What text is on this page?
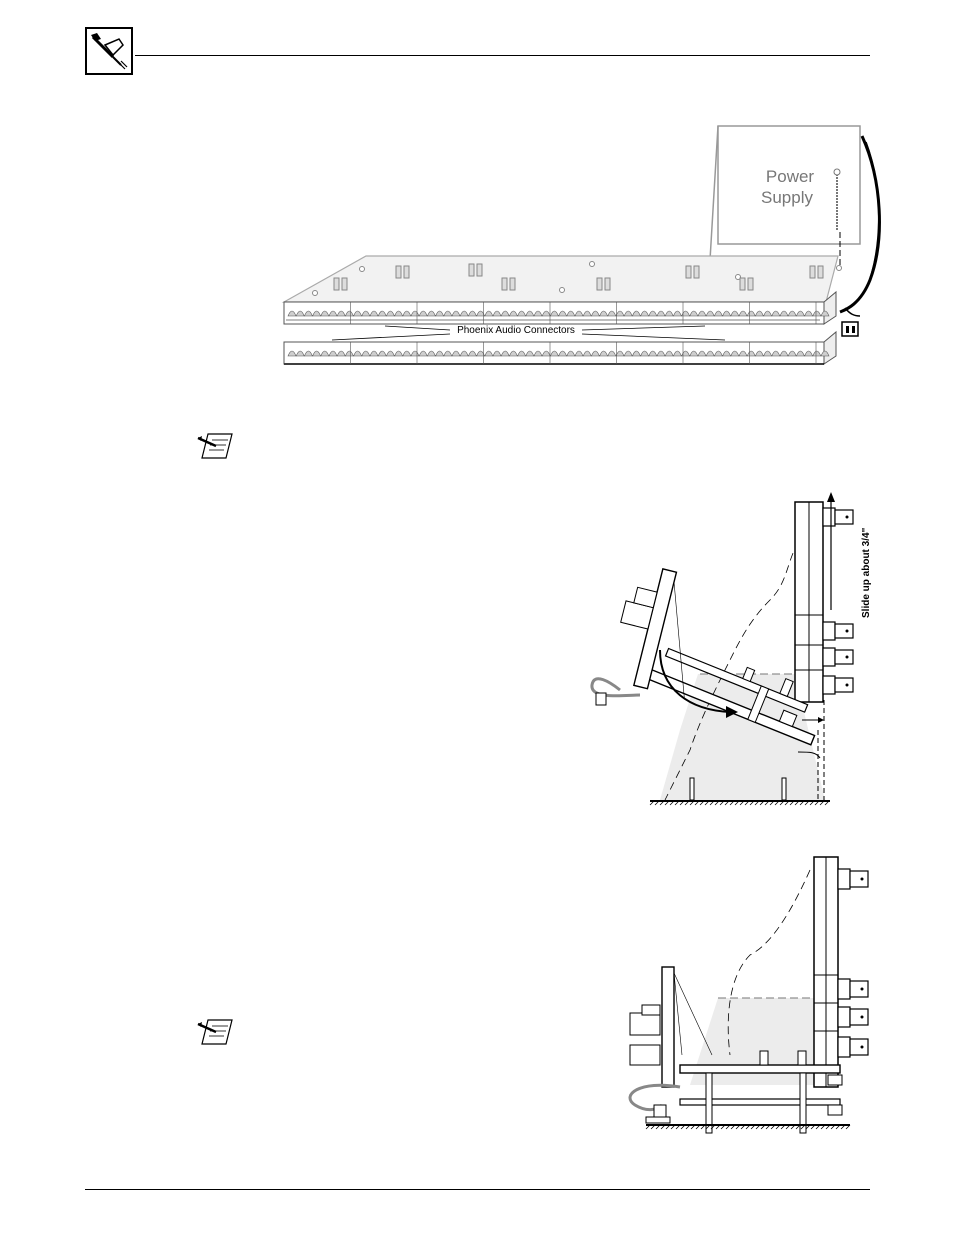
Power
Supply
Phoenix Audio Connectors
Slide up about 3/4"
